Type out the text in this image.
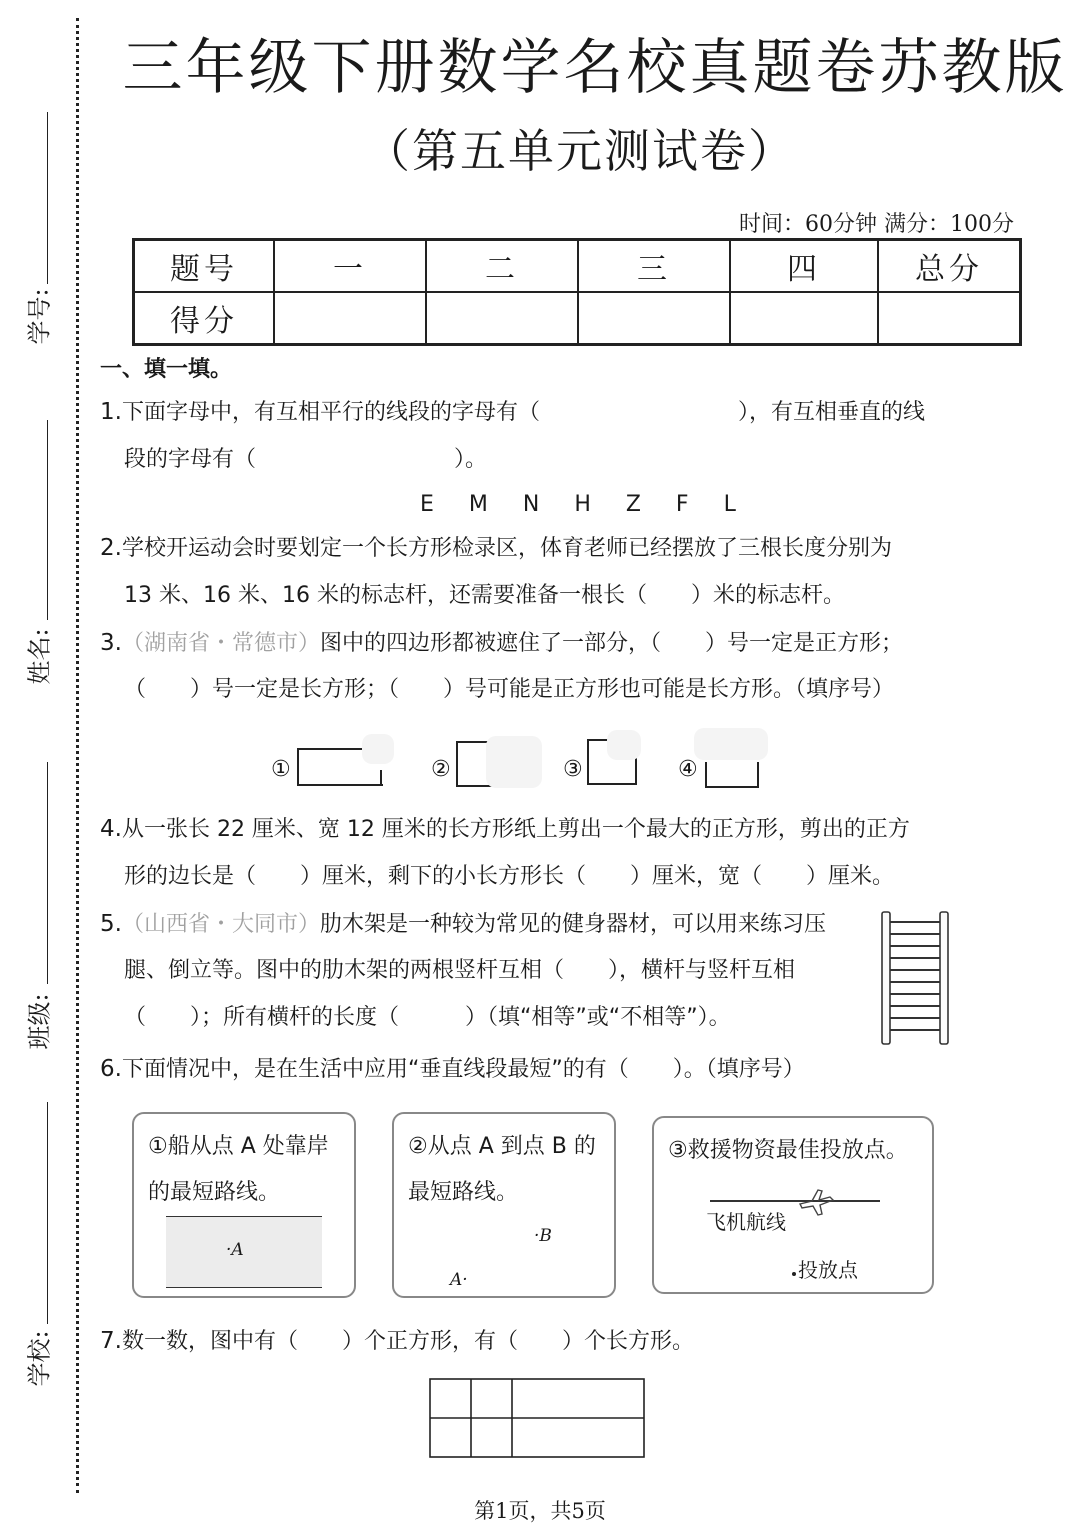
学号:
姓名:
班级:
学校:
三年级下册数学名校真题卷苏教版
（第五单元测试卷）
时间：60分钟 满分：100分
题号	一	二	三	四	总分
得分					
一、填一填。
1.下面字母中，有互相平行的线段的字母有（　　　　　　　　　），有互相垂直的线
段的字母有（　　　　　　　　　）。
E M N H Z F L
2.学校开运动会时要划定一个长方形检录区，体育老师已经摆放了三根长度分别为
13 米、16 米、16 米的标志杆，还需要准备一根长（　　）米的标志杆。
3.（湖南省・常德市）图中的四边形都被遮住了一部分，（　　）号一定是正方形；
（　　）号一定是长方形；（　　）号可能是正方形也可能是长方形。（填序号）
①	②	③	④
4.从一张长 22 厘米、宽 12 厘米的长方形纸上剪出一个最大的正方形，剪出的正方
形的边长是（　　）厘米，剩下的小长方形长（　　）厘米，宽（　　）厘米。
5.（山西省・大同市）肋木架是一种较为常见的健身器材，可以用来练习压
腿、倒立等。图中的肋木架的两根竖杆互相（　　），横杆与竖杆互相
（　　）；所有横杆的长度（　　　）（填“相等”或“不相等”）。
6.下面情况中，是在生活中应用“垂直线段最短”的有（　　）。（填序号）
①船从点 A 处靠岸
的最短路线。
·A
②从点 A 到点 B 的
最短路线。
·B
A·
③救援物资最佳投放点。
飞机航线
投放点
7.数一数，图中有（　　）个正方形，有（　　）个长方形。
第1页，共5页
